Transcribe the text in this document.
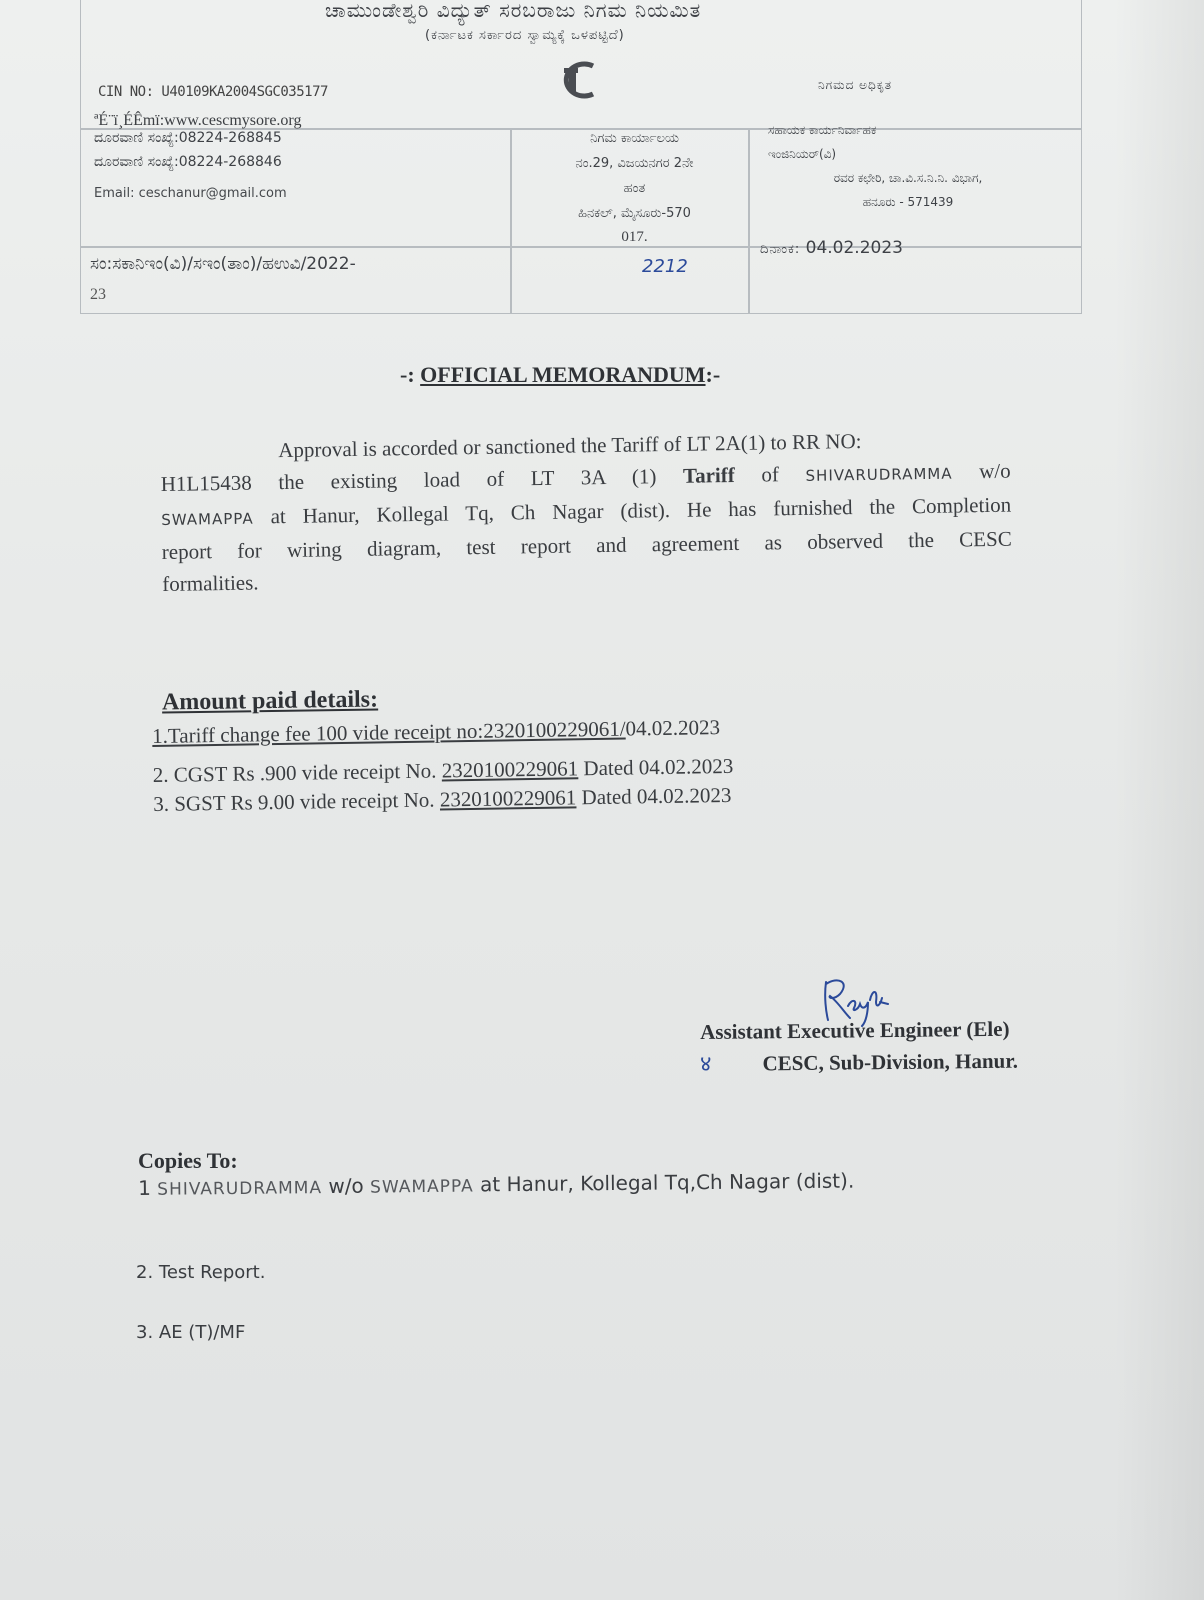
ಚಾಮುಂಡೇಶ್ವರಿ ವಿದ್ಯುತ್ ಸರಬರಾಜು ನಿಗಮ ನಿಯಮಿತ
(ಕರ್ನಾಟಕ ಸರ್ಕಾರದ ಸ್ವಾಮ್ಯಕ್ಕೆ ಒಳಪಟ್ಟಿದೆ)
CIN NO: U40109KA2004SGC035177	ನಿಗಮದ ಅಧಿಕೃತ
ªÉ¨ï¸ÉÊmï:www.cescmysore.org
ದೂರವಾಣಿ ಸಂಖ್ಯೆ:08224-268845
ದೂರವಾಣಿ ಸಂಖ್ಯೆ:08224-268846
Email: ceschanur@gmail.com
ನಿಗಮ ಕಾರ್ಯಾಲಯ
ನಂ.29, ವಿಜಯನಗರ 2ನೇ
ಹಂತ
ಹಿನಕಲ್, ಮೈಸೂರು-570
017.
ಸಹಾಯಕ ಕಾರ್ಯನಿರ್ವಾಹಕ
ಇಂಜಿನಿಯರ್(ವಿ)
ರವರ ಕಛೇರಿ, ಚಾ.ವಿ.ಸ.ನಿ.ನಿ. ವಿಭಾಗ,
ಹನೂರು - 571439
ಸಂ:ಸಕಾನಿಇಂ(ವಿ)/ಸಇಂ(ತಾಂ)/ಹಉವಿ/2022-
23
2212
ದಿನಾಂಕ: 04.02.2023
-: OFFICIAL MEMORANDUM:-
Approval is accorded or sanctioned the Tariff of LT 2A(1) to RR NO:
H1L15438 the existing load of LT 3A (1) Tariff of SHIVARUDRAMMA w/o
SWAMAPPA at Hanur, Kollegal Tq, Ch Nagar (dist). He has furnished the Completion
report for wiring diagram, test report and agreement as observed the CESC
formalities.
Amount paid details:
1.Tariff change fee 100 vide receipt no:2320100229061/04.02.2023
2. CGST Rs .900 vide receipt No. 2320100229061 Dated 04.02.2023
3. SGST Rs 9.00 vide receipt No. 2320100229061 Dated 04.02.2023
४
Assistant Executive Engineer (Ele)
CESC, Sub-Division, Hanur.
Copies To:
1 SHIVARUDRAMMA w/o SWAMAPPA at Hanur, Kollegal Tq,Ch Nagar (dist).
2. Test Report.
3. AE (T)/MF
